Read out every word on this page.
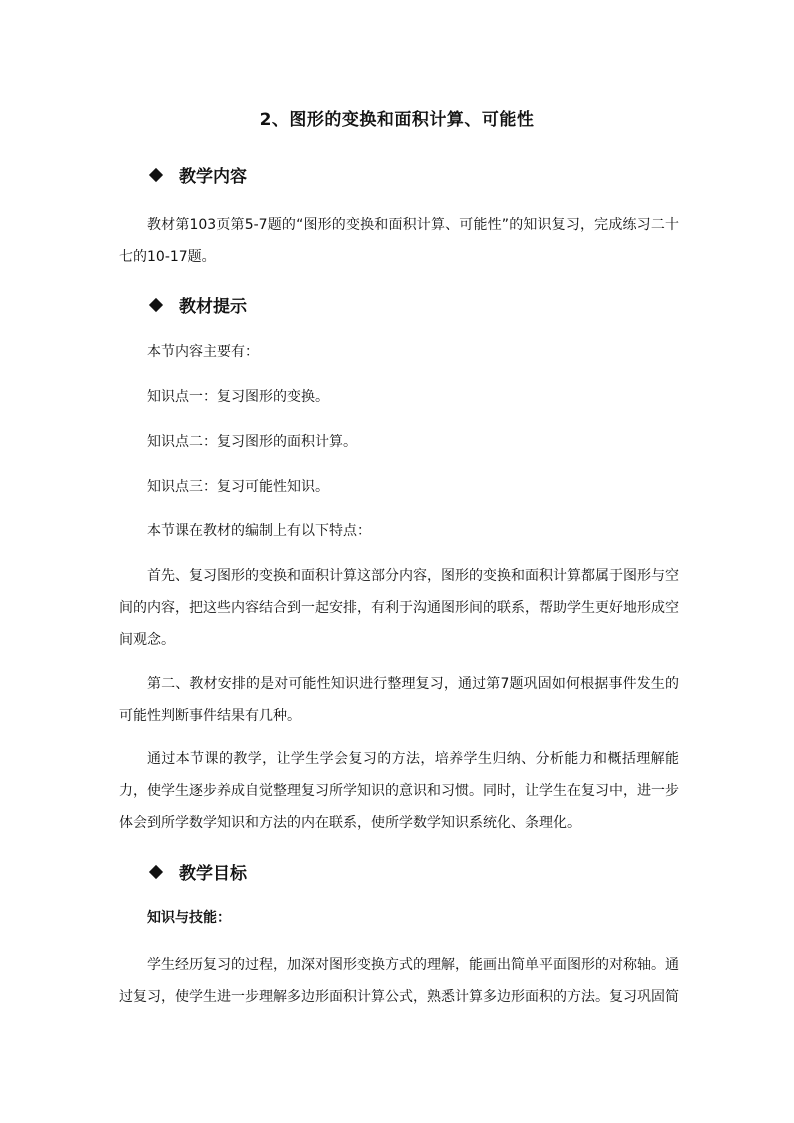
2、图形的变换和面积计算、可能性
教学内容
教材第103页第5-7题的“图形的变换和面积计算、可能性”的知识复习，完成练习二十七的10-17题。
教材提示
本节内容主要有：
知识点一：复习图形的变换。
知识点二：复习图形的面积计算。
知识点三：复习可能性知识。
本节课在教材的编制上有以下特点：
首先、复习图形的变换和面积计算这部分内容，图形的变换和面积计算都属于图形与空间的内容，把这些内容结合到一起安排，有利于沟通图形间的联系，帮助学生更好地形成空间观念。
第二、教材安排的是对可能性知识进行整理复习，通过第7题巩固如何根据事件发生的可能性判断事件结果有几种。
通过本节课的教学，让学生学会复习的方法，培养学生归纳、分析能力和概括理解能力，使学生逐步养成自觉整理复习所学知识的意识和习惯。同时，让学生在复习中，进一步体会到所学数学知识和方法的内在联系，使所学数学知识系统化、条理化。
教学目标
知识与技能：
学生经历复习的过程，加深对图形变换方式的理解，能画出简单平面图形的对称轴。通过复习，使学生进一步理解多边形面积计算公式，熟悉计算多边形面积的方法。复习巩固简
